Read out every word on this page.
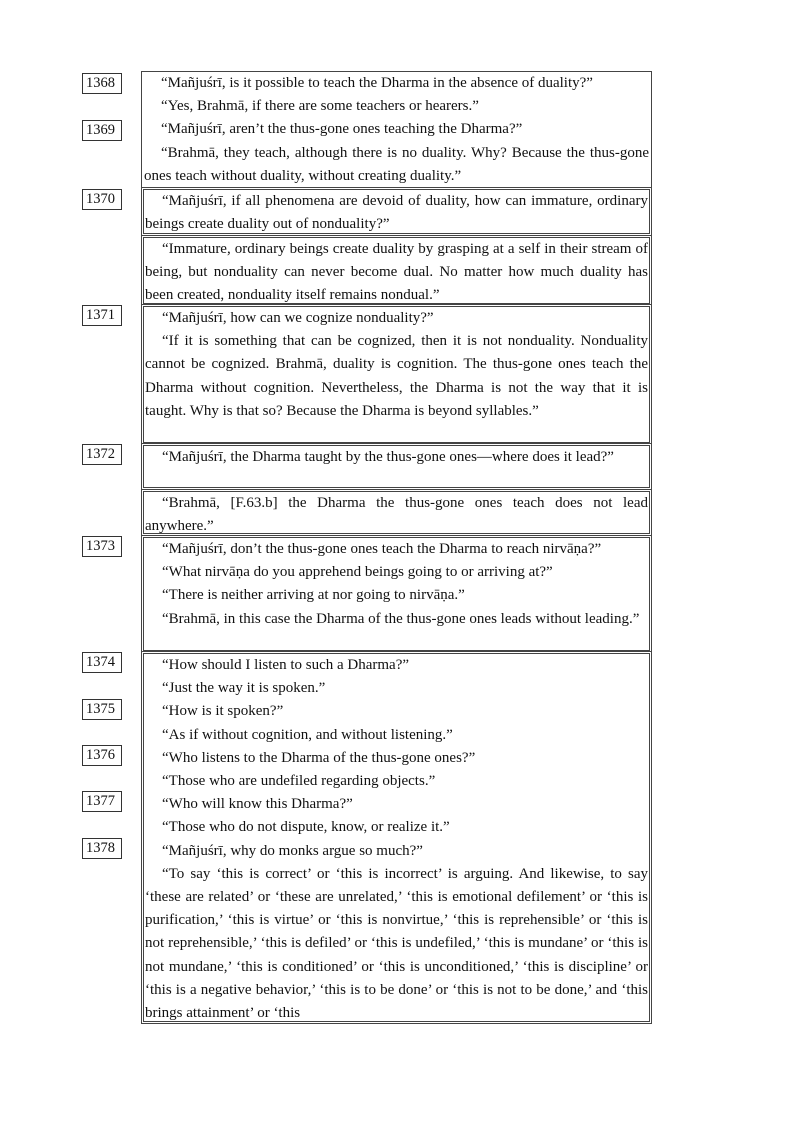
1368
1369
1370
1371
1372
1373
1374
1375
1376
1377
1378

“Mañjuśrī, is it possible to teach the Dharma in the absence of duality?”

“Yes, Brahmā, if there are some teachers or hearers.”

“Mañjuśrī, aren’t the thus-gone ones teaching the Dharma?”

“Brahmā, they teach, although there is no duality. Why? Because the thus-gone ones teach without duality, without creating duality.”

“Mañjuśrī, if all phenomena are devoid of duality, how can immature, ordinary beings create duality out of nonduality?”

“Immature, ordinary beings create duality by grasping at a self in their stream of being, but nonduality can never become dual. No matter how much duality has been created, nonduality itself remains nondual.”

“Mañjuśrī, how can we cognize nonduality?”

“If it is something that can be cognized, then it is not nonduality. Nonduality cannot be cognized. Brahmā, duality is cognition. The thus-gone ones teach the Dharma without cognition. Nevertheless, the Dharma is not the way that it is taught. Why is that so? Because the Dharma is beyond syllables.”

“Mañjuśrī, the Dharma taught by the thus-gone ones—where does it lead?”

“Brahmā, [F.63.b] the Dharma the thus-gone ones teach does not lead anywhere.”

“Mañjuśrī, don’t the thus-gone ones teach the Dharma to reach nirvāṇa?”

“What nirvāṇa do you apprehend beings going to or arriving at?”

“There is neither arriving at nor going to nirvāṇa.”

“Brahmā, in this case the Dharma of the thus-gone ones leads without leading.”

“How should I listen to such a Dharma?”

“Just the way it is spoken.”

“How is it spoken?”

“As if without cognition, and without listening.”

“Who listens to the Dharma of the thus-gone ones?”

“Those who are undefiled regarding objects.”

“Who will know this Dharma?”

“Those who do not dispute, know, or realize it.”

“Mañjuśrī, why do monks argue so much?”

“To say ‘this is correct’ or ‘this is incorrect’ is arguing. And likewise, to say ‘these are related’ or ‘these are unrelated,’ ‘this is emotional defilement’ or ‘this is purification,’ ‘this is virtue’ or ‘this is nonvirtue,’ ‘this is reprehensible’ or ‘this is not reprehensible,’ ‘this is defiled’ or ‘this is undefiled,’ ‘this is mundane’ or ‘this is not mundane,’ ‘this is conditioned’ or ‘this is unconditioned,’ ‘this is discipline’ or ‘this is a negative behavior,’ ‘this is to be done’ or ‘this is not to be done,’ and ‘this brings attainment’ or ‘this
